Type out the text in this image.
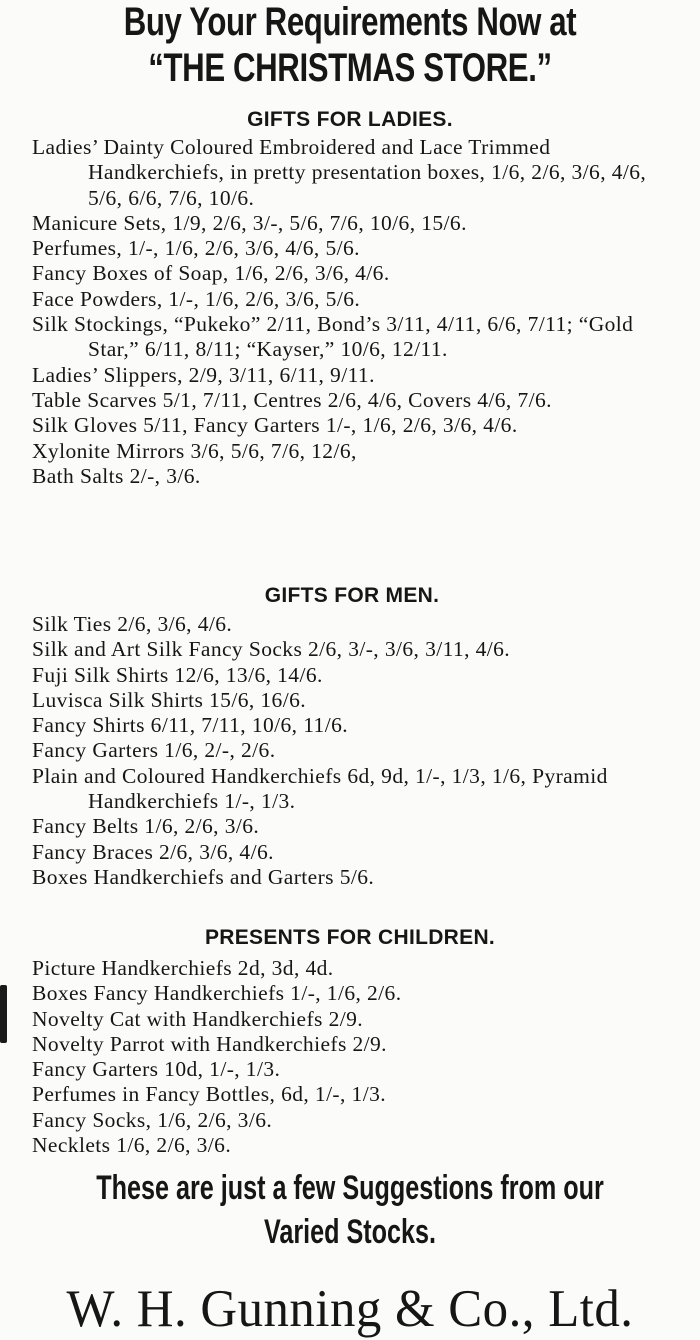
Buy Your Requirements Now at
“THE CHRISTMAS STORE.”
GIFTS FOR LADIES.
Ladies’ Dainty Coloured Embroidered and Lace Trimmed Handkerchiefs, in pretty presentation boxes, 1/6, 2/6, 3/6, 4/6, 5/6, 6/6, 7/6, 10/6.
Manicure Sets, 1/9, 2/6, 3/-, 5/6, 7/6, 10/6, 15/6.
Perfumes, 1/-, 1/6, 2/6, 3/6, 4/6, 5/6.
Fancy Boxes of Soap, 1/6, 2/6, 3/6, 4/6.
Face Powders, 1/-, 1/6, 2/6, 3/6, 5/6.
Silk Stockings, “Pukeko” 2/11, Bond’s 3/11, 4/11, 6/6, 7/11; “Gold Star,” 6/11, 8/11; “Kayser,” 10/6, 12/11.
Ladies’ Slippers, 2/9, 3/11, 6/11, 9/11.
Table Scarves 5/1, 7/11, Centres 2/6, 4/6, Covers 4/6, 7/6.
Silk Gloves 5/11, Fancy Garters 1/-, 1/6, 2/6, 3/6, 4/6.
Xylonite Mirrors 3/6, 5/6, 7/6, 12/6,
Bath Salts 2/-, 3/6.
GIFTS FOR MEN.
Silk Ties 2/6, 3/6, 4/6.
Silk and Art Silk Fancy Socks 2/6, 3/-, 3/6, 3/11, 4/6.
Fuji Silk Shirts 12/6, 13/6, 14/6.
Luvisca Silk Shirts 15/6, 16/6.
Fancy Shirts 6/11, 7/11, 10/6, 11/6.
Fancy Garters 1/6, 2/-, 2/6.
Plain and Coloured Handkerchiefs 6d, 9d, 1/-, 1/3, 1/6, Pyramid Handkerchiefs 1/-, 1/3.
Fancy Belts 1/6, 2/6, 3/6.
Fancy Braces 2/6, 3/6, 4/6.
Boxes Handkerchiefs and Garters 5/6.
PRESENTS FOR CHILDREN.
Picture Handkerchiefs 2d, 3d, 4d.
Boxes Fancy Handkerchiefs 1/-, 1/6, 2/6.
Novelty Cat with Handkerchiefs 2/9.
Novelty Parrot with Handkerchiefs 2/9.
Fancy Garters 10d, 1/-, 1/3.
Perfumes in Fancy Bottles, 6d, 1/-, 1/3.
Fancy Socks, 1/6, 2/6, 3/6.
Necklets 1/6, 2/6, 3/6.
These are just a few Suggestions from our
Varied Stocks.
W. H. Gunning & Co., Ltd.
